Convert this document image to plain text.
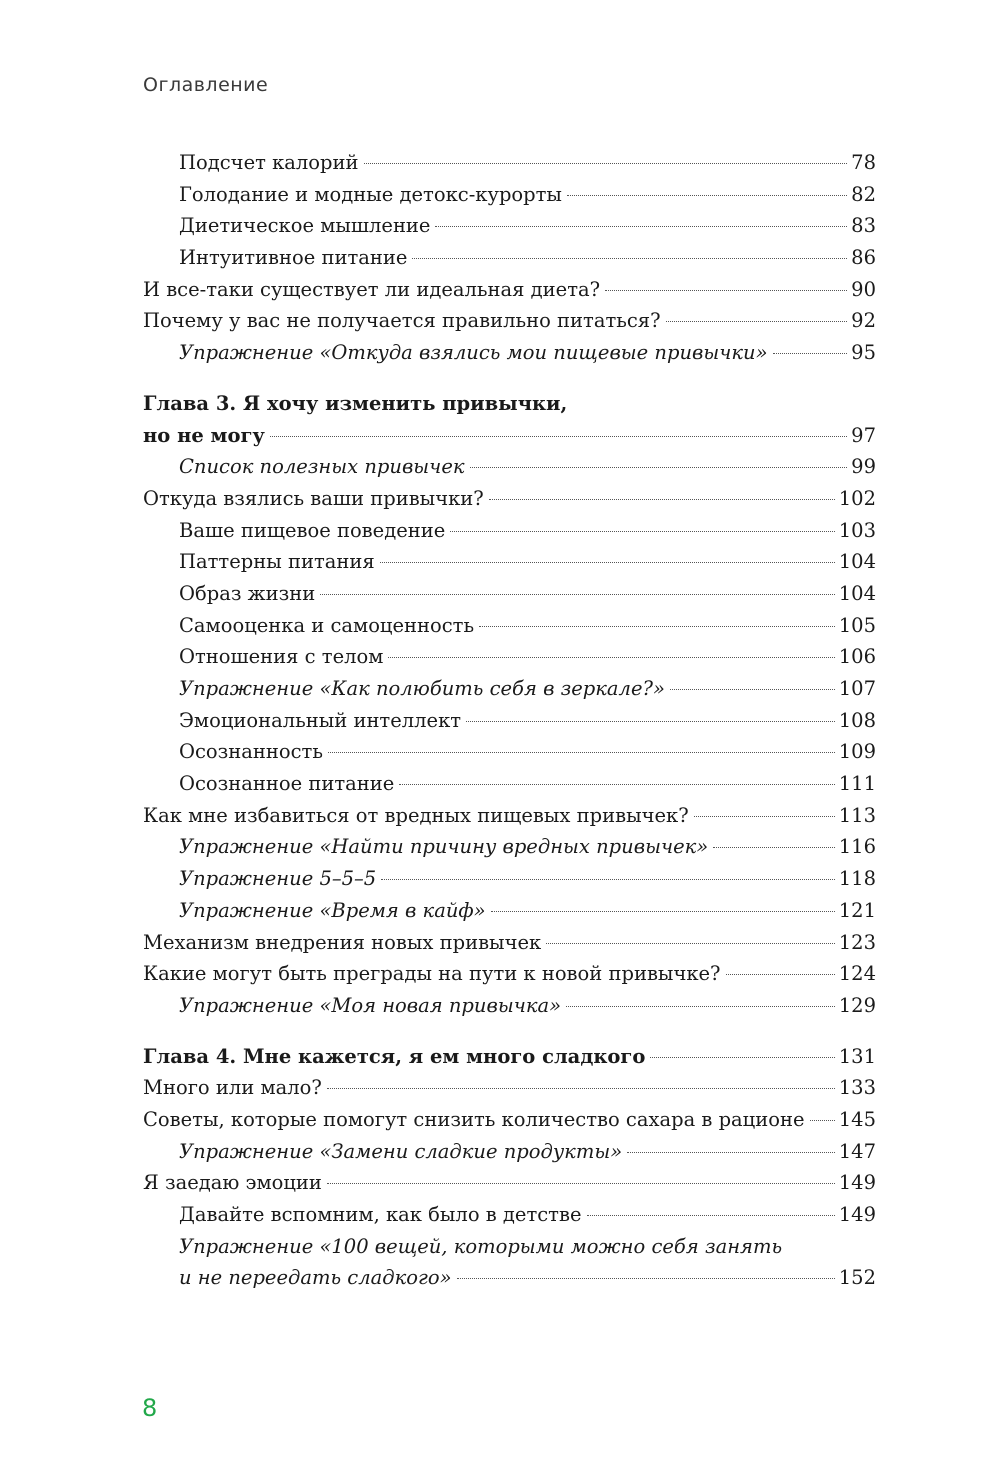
Оглавление
Подсчет калорий	78
Голодание и модные детокс-курорты	82
Диетическое мышление	83
Интуитивное питание	86
И все-таки существует ли идеальная диета?	90
Почему у вас не получается правильно питаться?	92
Упражнение «Откуда взялись мои пищевые привычки»	95
Глава 3. Я хочу изменить привычки,
но не могу	97
Список полезных привычек	99
Откуда взялись ваши привычки?	102
Ваше пищевое поведение	103
Паттерны питания	104
Образ жизни	104
Самооценка и самоценность	105
Отношения с телом	106
Упражнение «Как полюбить себя в зеркале?»	107
Эмоциональный интеллект	108
Осознанность	109
Осознанное питание	111
Как мне избавиться от вредных пищевых привычек?	113
Упражнение «Найти причину вредных привычек»	116
Упражнение 5–5–5	118
Упражнение «Время в кайф»	121
Механизм внедрения новых привычек	123
Какие могут быть преграды на пути к новой привычке?	124
Упражнение «Моя новая привычка»	129
Глава 4. Мне кажется, я ем много сладкого	131
Много или мало?	133
Советы, которые помогут снизить количество сахара в рационе 145
Упражнение «Замени сладкие продукты»	147
Я заедаю эмоции	149
Давайте вспомним, как было в детстве	149
Упражнение «100 вещей, которыми можно себя занять
и не переедать сладкого»	152
8
